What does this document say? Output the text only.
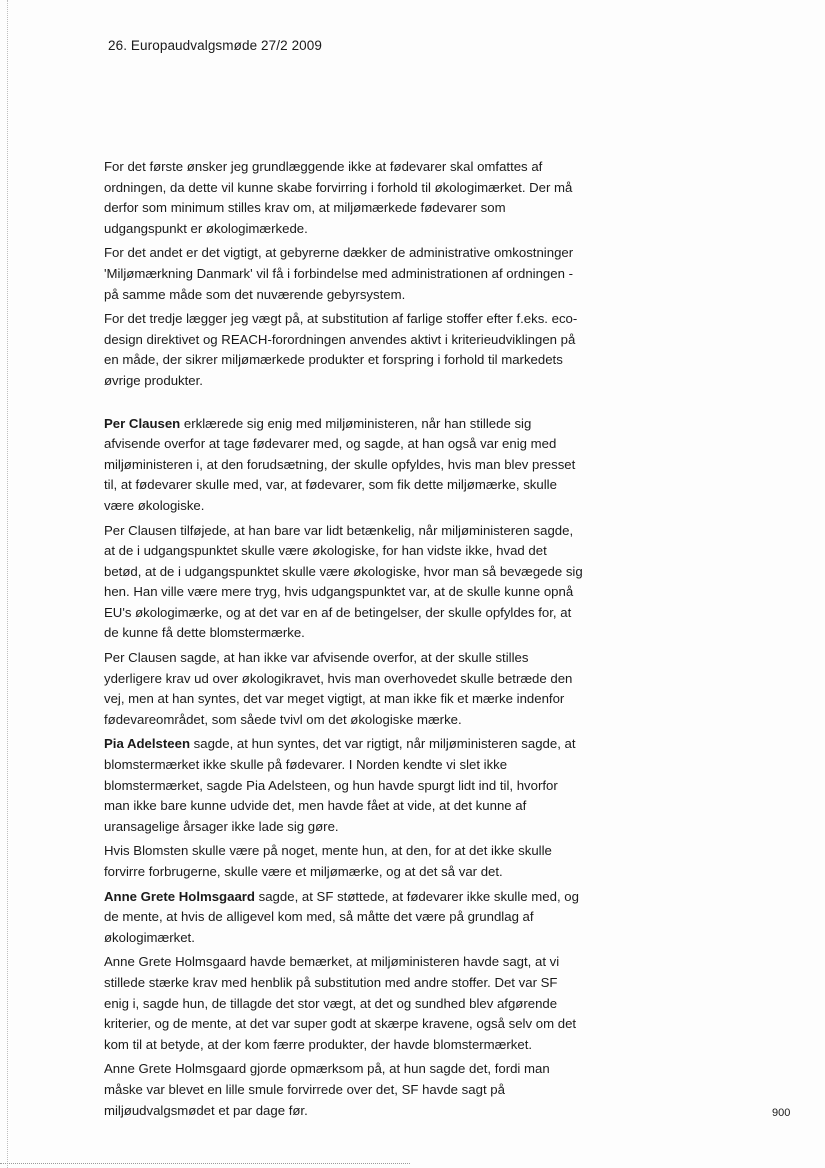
26. Europaudvalgsmøde 27/2 2009

For det første ønsker jeg grundlæggende ikke at fødevarer skal omfattes af ordningen, da dette vil kunne skabe forvirring i forhold til økologimærket. Der må derfor som minimum stilles krav om, at miljømærkede fødevarer som udgangspunkt er økologimærkede.

For det andet er det vigtigt, at gebyrerne dækker de administrative omkostninger 'Miljømærkning Danmark' vil få i forbindelse med administrationen af ordningen - på samme måde som det nuværende gebyrsystem.

For det tredje lægger jeg vægt på, at substitution af farlige stoffer efter f.eks. eco-design direktivet og REACH-forordningen anvendes aktivt i kriterieudviklingen på en måde, der sikrer miljømærkede produkter et forspring i forhold til markedets øvrige produkter.

Per Clausen erklærede sig enig med miljøministeren, når han stillede sig afvisende overfor at tage fødevarer med, og sagde, at han også var enig med miljøministeren i, at den forudsætning, der skulle opfyldes, hvis man blev presset til, at fødevarer skulle med, var, at fødevarer, som fik dette miljømærke, skulle være økologiske.

Per Clausen tilføjede, at han bare var lidt betænkelig, når miljøministeren sagde, at de i udgangspunktet skulle være økologiske, for han vidste ikke, hvad det betød, at de i udgangspunktet skulle være økologiske, hvor man så bevægede sig hen. Han ville være mere tryg, hvis udgangspunktet var, at de skulle kunne opnå EU's økologimærke, og at det var en af de betingelser, der skulle opfyldes for, at de kunne få dette blomstermærke.

Per Clausen sagde, at han ikke var afvisende overfor, at der skulle stilles yderligere krav ud over økologikravet, hvis man overhovedet skulle betræde den vej, men at han syntes, det var meget vigtigt, at man ikke fik et mærke indenfor fødevareområdet, som såede tvivl om det økologiske mærke.

Pia Adelsteen sagde, at hun syntes, det var rigtigt, når miljøministeren sagde, at blomstermærket ikke skulle på fødevarer. I Norden kendte vi slet ikke blomstermærket, sagde Pia Adelsteen, og hun havde spurgt lidt ind til, hvorfor man ikke bare kunne udvide det, men havde fået at vide, at det kunne af uransagelige årsager ikke lade sig gøre.

Hvis Blomsten skulle være på noget, mente hun, at den, for at det ikke skulle forvirre forbrugerne, skulle være et miljømærke, og at det så var det.

Anne Grete Holmsgaard sagde, at SF støttede, at fødevarer ikke skulle med, og de mente, at hvis de alligevel kom med, så måtte det være på grundlag af økologimærket.

Anne Grete Holmsgaard havde bemærket, at miljøministeren havde sagt, at vi stillede stærke krav med henblik på substitution med andre stoffer. Det var SF enig i, sagde hun, de tillagde det stor vægt, at det og sundhed blev afgørende kriterier, og de mente, at det var super godt at skærpe kravene, også selv om det kom til at betyde, at der kom færre produkter, der havde blomstermærket.

Anne Grete Holmsgaard gjorde opmærksom på, at hun sagde det, fordi man måske var blevet en lille smule forvirrede over det, SF havde sagt på miljøudvalgsmødet et par dage før.	900
